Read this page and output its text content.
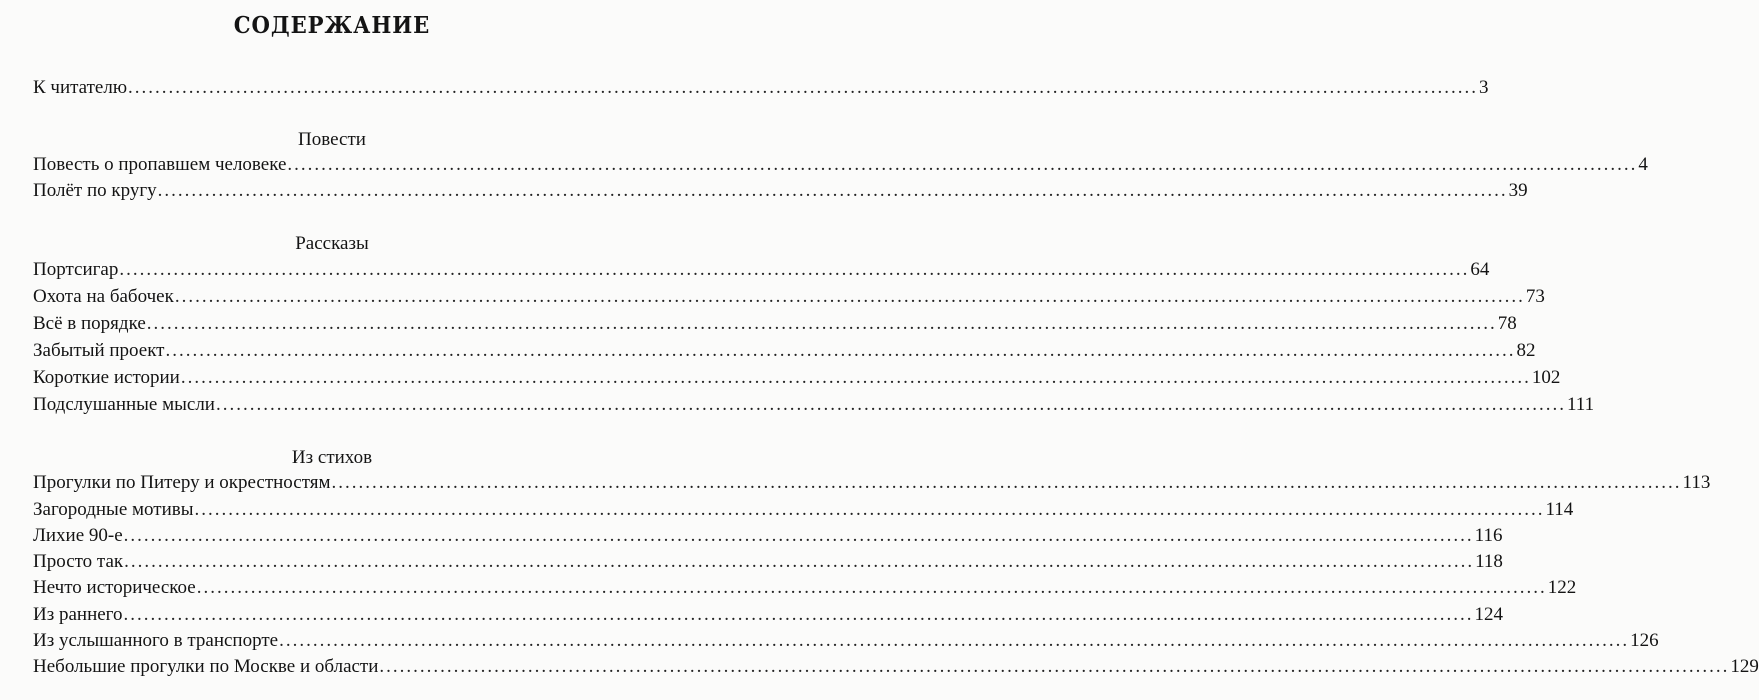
СОДЕРЖАНИЕ
К читателю ........................................................................................................................................................................................................ 3
Повести
Повесть о пропавшем человеке ........................................................................................................................................................................................................ 4
Полёт по кругу ........................................................................................................................................................................................................ 39
Рассказы
Портсигар ........................................................................................................................................................................................................ 64
Охота на бабочек ........................................................................................................................................................................................................ 73
Всё в порядке ........................................................................................................................................................................................................ 78
Забытый проект ........................................................................................................................................................................................................ 82
Короткие истории ........................................................................................................................................................................................................ 102
Подслушанные мысли ........................................................................................................................................................................................................ 111
Из стихов
Прогулки по Питеру и окрестностям ........................................................................................................................................................................................................ 113
Загородные мотивы ........................................................................................................................................................................................................ 114
Лихие 90-е ........................................................................................................................................................................................................ 116
Просто так ........................................................................................................................................................................................................ 118
Нечто историческое ........................................................................................................................................................................................................ 122
Из раннего ........................................................................................................................................................................................................ 124
Из услышанного в транспорте ........................................................................................................................................................................................................ 126
Небольшие прогулки по Москве и области ........................................................................................................................................................................................................ 129
